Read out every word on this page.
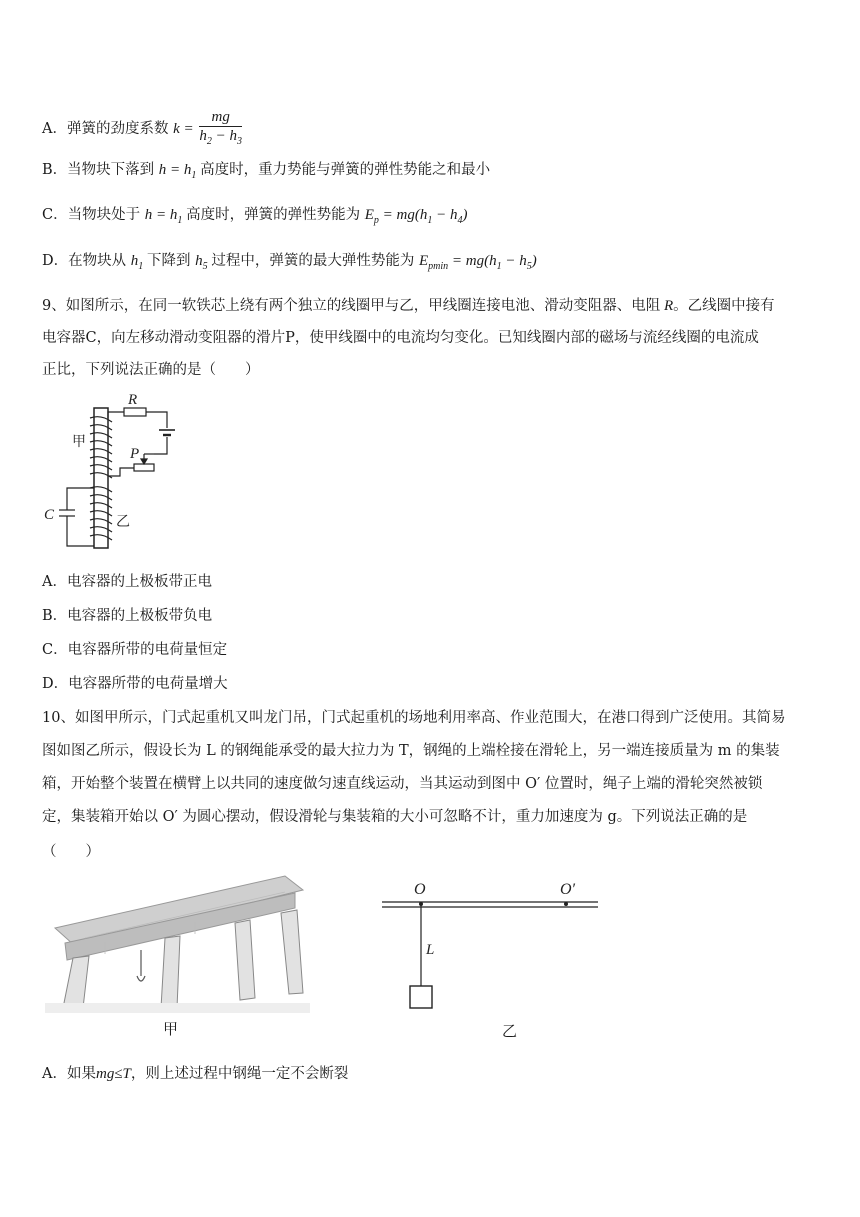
A．弹簧的劲度系数 $k = \frac{mg}{h_2 - h_3}$
B．当物块下落到 $h = h_1$ 高度时，重力势能与弹簧的弹性势能之和最小
C．当物块处于 $h = h_1$ 高度时，弹簧的弹性势能为 $E_p = mg(h_1 - h_4)$
D．在物块从 $h_1$ 下降到 $h_5$ 过程中，弹簧的最大弹性势能为 $E_{pmin} = mg(h_1 - h_5)$
9、如图所示，在同一软铁芯上绕有两个独立的线圈甲与乙，甲线圈连接电池、滑动变阻器、电阻 R。乙线圈中接有
电容器C，向左移动滑动变阻器的滑片P，使甲线圈中的电流均匀变化。已知线圈内部的磁场与流经线圈的电流成
正比，下列说法正确的是（　　）
R
P
C
甲
乙
A．电容器的上极板带正电
B．电容器的上极板带负电
C．电容器所带的电荷量恒定
D．电容器所带的电荷量增大
10、如图甲所示，门式起重机又叫龙门吊，门式起重机的场地利用率高、作业范围大，在港口得到广泛使用。其简易
图如图乙所示，假设长为 L 的钢绳能承受的最大拉力为 T，钢绳的上端栓接在滑轮上，另一端连接质量为 m 的集装
箱，开始整个装置在横臂上以共同的速度做匀速直线运动，当其运动到图中 O′ 位置时，绳子上端的滑轮突然被锁
定，集装箱开始以 O′ 为圆心摆动，假设滑轮与集装箱的大小可忽略不计，重力加速度为 g。下列说法正确的是
（　　）
甲
O	O′
L
乙
A．如果mg≤T，则上述过程中钢绳一定不会断裂
